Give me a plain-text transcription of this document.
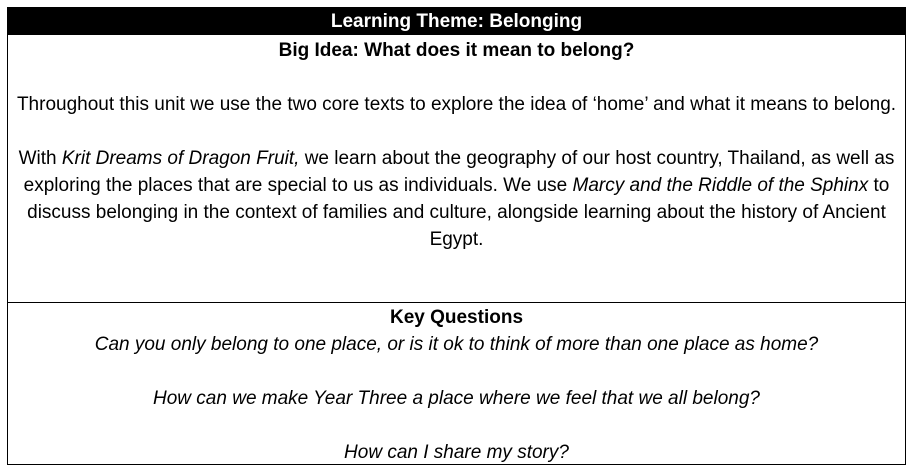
Learning Theme: Belonging
Big Idea: What does it mean to belong?

Throughout this unit we use the two core texts to explore the idea of ‘home’ and what it means to belong.

With Krit Dreams of Dragon Fruit, we learn about the geography of our host country, Thailand, as well as exploring the places that are special to us as individuals. We use Marcy and the Riddle of the Sphinx to discuss belonging in the context of families and culture, alongside learning about the history of Ancient Egypt.

Key Questions
Can you only belong to one place, or is it ok to think of more than one place as home?
How can we make Year Three a place where we feel that we all belong?
How can I share my story?
